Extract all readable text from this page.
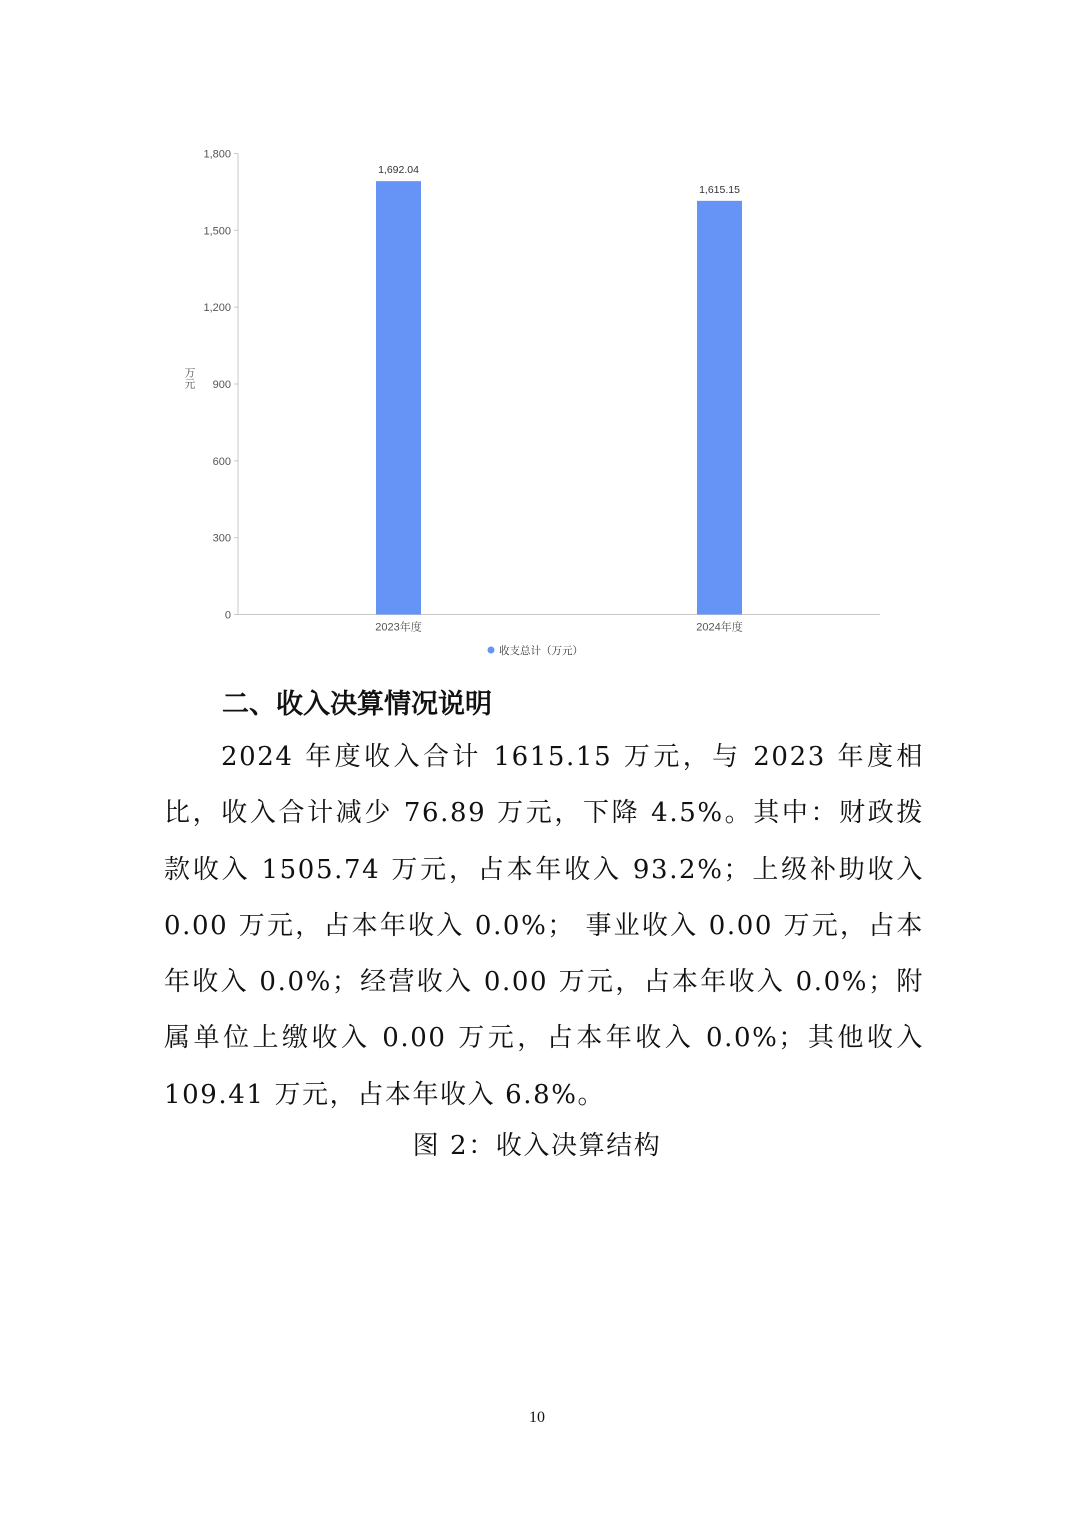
0
300
600
900
1,200
1,500
1,800
万元
1,692.04
1,615.15
2023年度	2024年度
收支总计（万元）
二、收入决算情况说明

2024 年度收入合计 1615.15 万元，与 2023 年度相比，收入合计减少 76.89 万元，下降 4.5%。其中：财政拨款收入 1505.74 万元，占本年收入 93.2%；上级补助收入 0.00 万元，占本年收入 0.0%； 事业收入 0.00 万元，占本年收入 0.0%；经营收入 0.00 万元，占本年收入 0.0%；附属单位上缴收入 0.00 万元，占本年收入 0.0%；其他收入 109.41 万元，占本年收入 6.8%。

图 2：收入决算结构
10
